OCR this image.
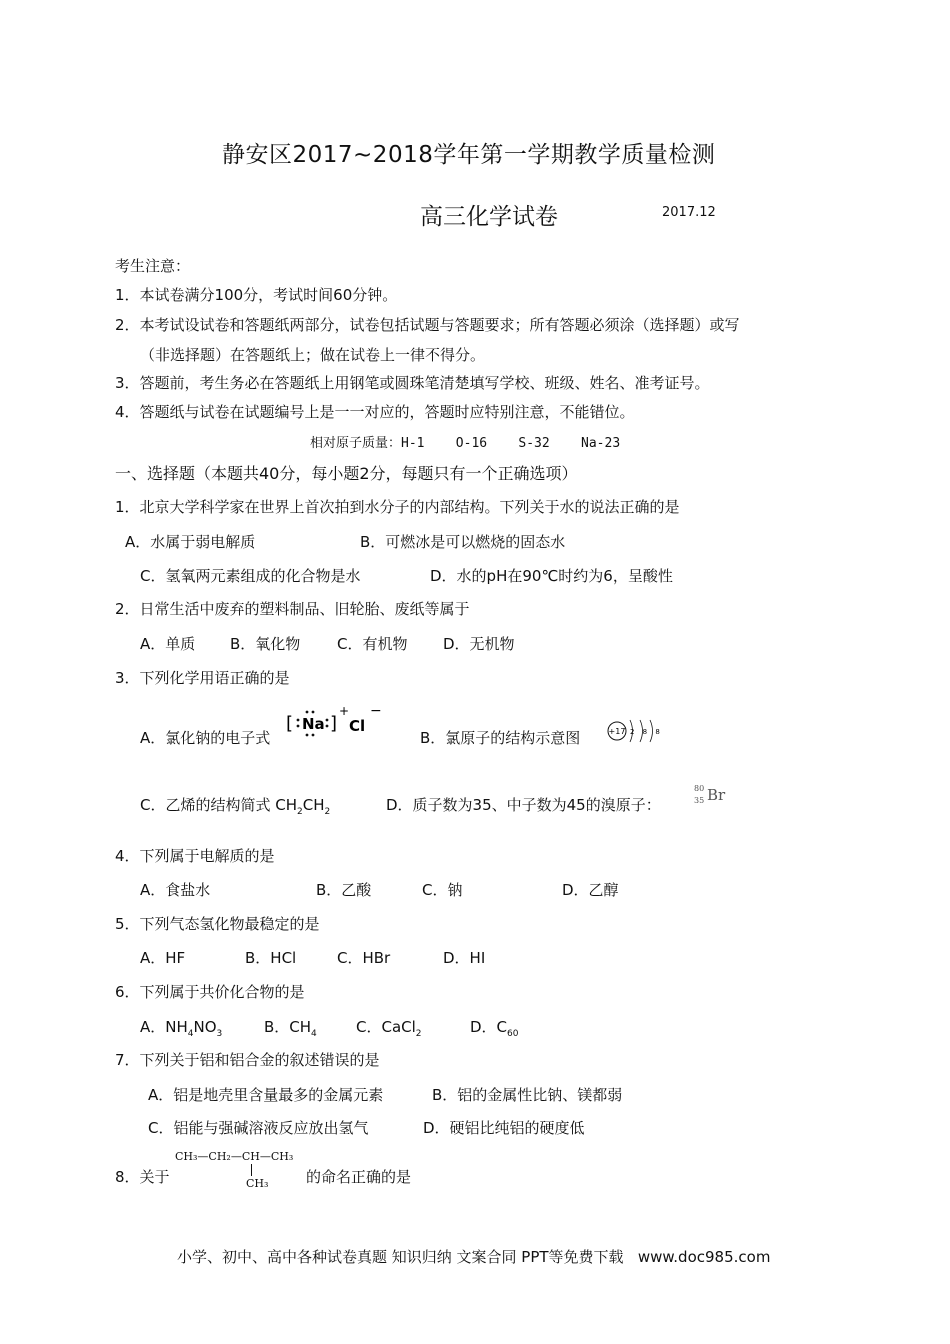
静安区2017~2018学年第一学期教学质量检测
高三化学试卷	2017.12
考生注意：
1．本试卷满分100分，考试时间60分钟。
2．本考试设试卷和答题纸两部分，试卷包括试题与答题要求；所有答题必须涂（选择题）或写
（非选择题）在答题纸上；做在试卷上一律不得分。
3．答题前，考生务必在答题纸上用钢笔或圆珠笔清楚填写学校、班级、姓名、准考证号。
4．答题纸与试卷在试题编号上是一一对应的，答题时应特别注意，不能错位。
相对原子质量：H-1    O-16    S-32    Na-23
一、选择题（本题共40分，每小题2分，每题只有一个正确选项）
1．北京大学科学家在世界上首次拍到水分子的内部结构。下列关于水的说法正确的是
A．水属于弱电解质	B．可燃冰是可以燃烧的固态水
C．氢氧两元素组成的化合物是水	D．水的pH在90℃时约为6，呈酸性
2．日常生活中废弃的塑料制品、旧轮胎、废纸等属于
A．单质 B．氧化物 C．有机物 D．无机物
3．下列化学用语正确的是
A．氯化钠的电子式
[ Na ]
+
Cl
−
B．氯原子的结构示意图	+17 2 8 8
C．乙烯的结构简式 $CH_2CH_2$	D．质子数为35、中子数为45的溴原子：
80
35 Br
4．下列属于电解质的是
A．食盐水	B．乙酸	C．钠	D．乙醇
5．下列气态氢化物最稳定的是
A．HF	B．HCl	C．HBr	D．HI
6．下列属于共价化合物的是
A．$NH_4NO_3$	B．$CH_4$	C．CaCl$_2$	D．$C_{60}$
7．下列关于铝和铝合金的叙述错误的是
A．铝是地壳里含量最多的金属元素	B．铝的金属性比钠、镁都弱
C．铝能与强碱溶液反应放出氢气	D．硬铝比纯铝的硬度低
8．关于
CH₃—CH₂—CH—CH₃
CH₃	的命名正确的是
小学、初中、高中各种试卷真题 知识归纳 文案合同 PPT等免费下载   www.doc985.com
